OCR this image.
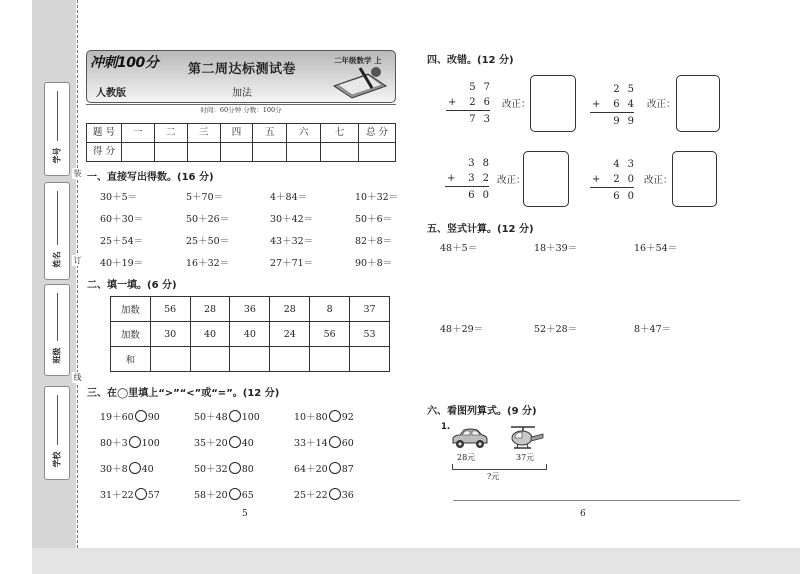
学号
姓名
班级
学校
装
订
线
冲刺100分 第二周达标测试卷
二年级数学 上
人教版	加法
时间：60分钟 分数：100分
题 号	一	二	三	四	五	六	七	总 分
得 分								
一、直接写出得数。(16 分)
30＋5＝	5＋70＝	4＋84＝	10＋32＝
60＋30＝	50＋26＝	30＋42＝	50＋6＝
25＋54＝	25＋50＝	43＋32＝	82＋8＝
40＋19＝	16＋32＝	27＋71＝	90＋8＝
二、填一填。(6 分)
加数	56	28	36	28	8	37
加数	30	40	40	24	56	53
和						
三、在◯里填上“>”“<”或“=”。(12 分)
19＋60 90	50＋48 100	10＋80 92
80＋3 100	35＋20 40	33＋14 60
30＋8 40	50＋32 80	64＋20 87
31＋22 57	58＋20 65	25＋22 36
5
四、改错。(12 分)
57
+ 26
73
改正：
25
+ 64
99
改正：
38
+ 32
60
改正：
43
+ 20
60
改正：
五、竖式计算。(12 分)
48＋5＝	18＋39＝	16＋54＝
48＋29＝	52＋28＝	8＋47＝
六、看图列算式。(9 分)
1.
28元	37元
?元
6
